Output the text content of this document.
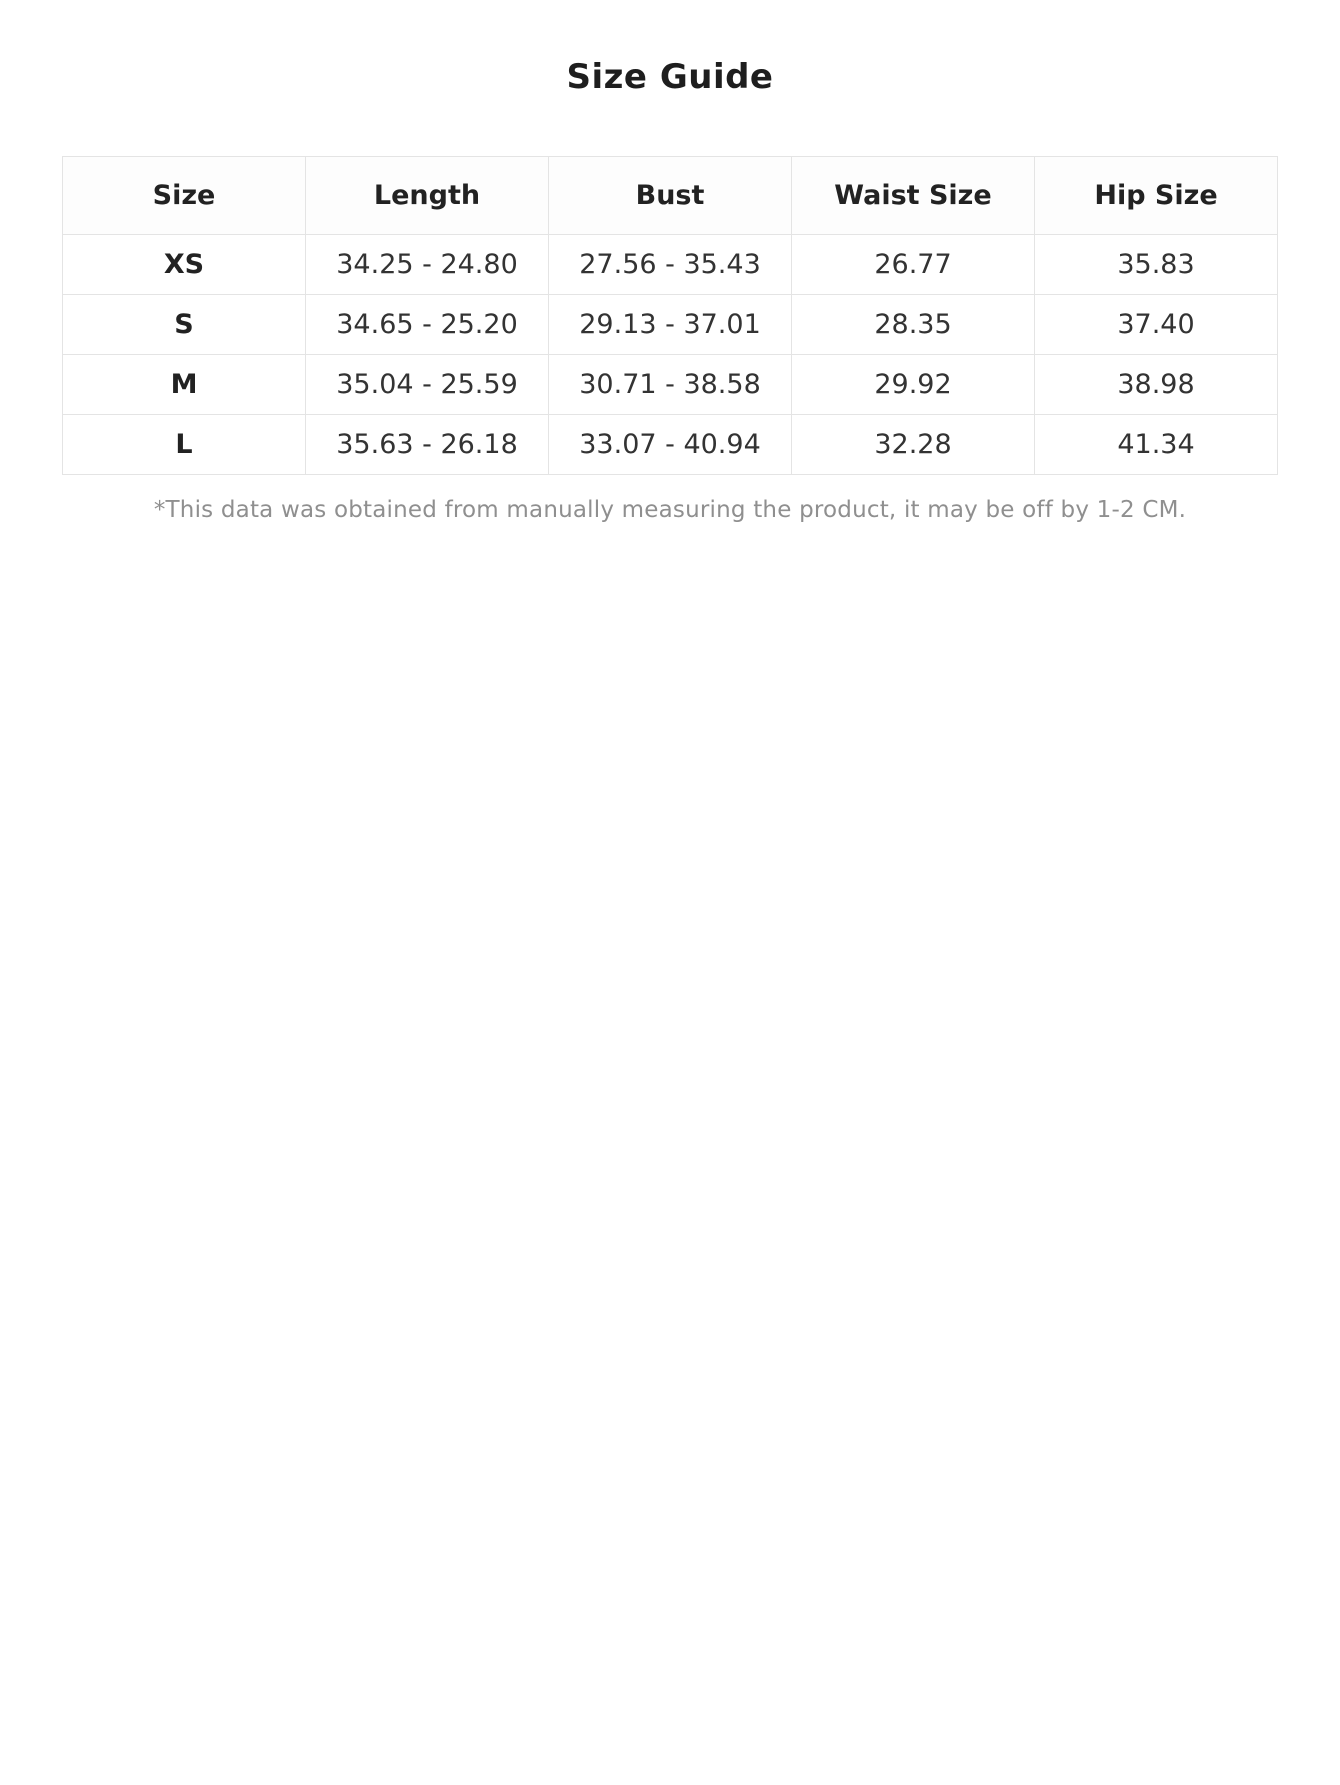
Size Guide
Size	Length	Bust	Waist Size	Hip Size
XS	34.25 - 24.80	27.56 - 35.43	26.77	35.83
S	34.65 - 25.20	29.13 - 37.01	28.35	37.40
M	35.04 - 25.59	30.71 - 38.58	29.92	38.98
L	35.63 - 26.18	33.07 - 40.94	32.28	41.34
*This data was obtained from manually measuring the product, it may be off by 1-2 CM.
